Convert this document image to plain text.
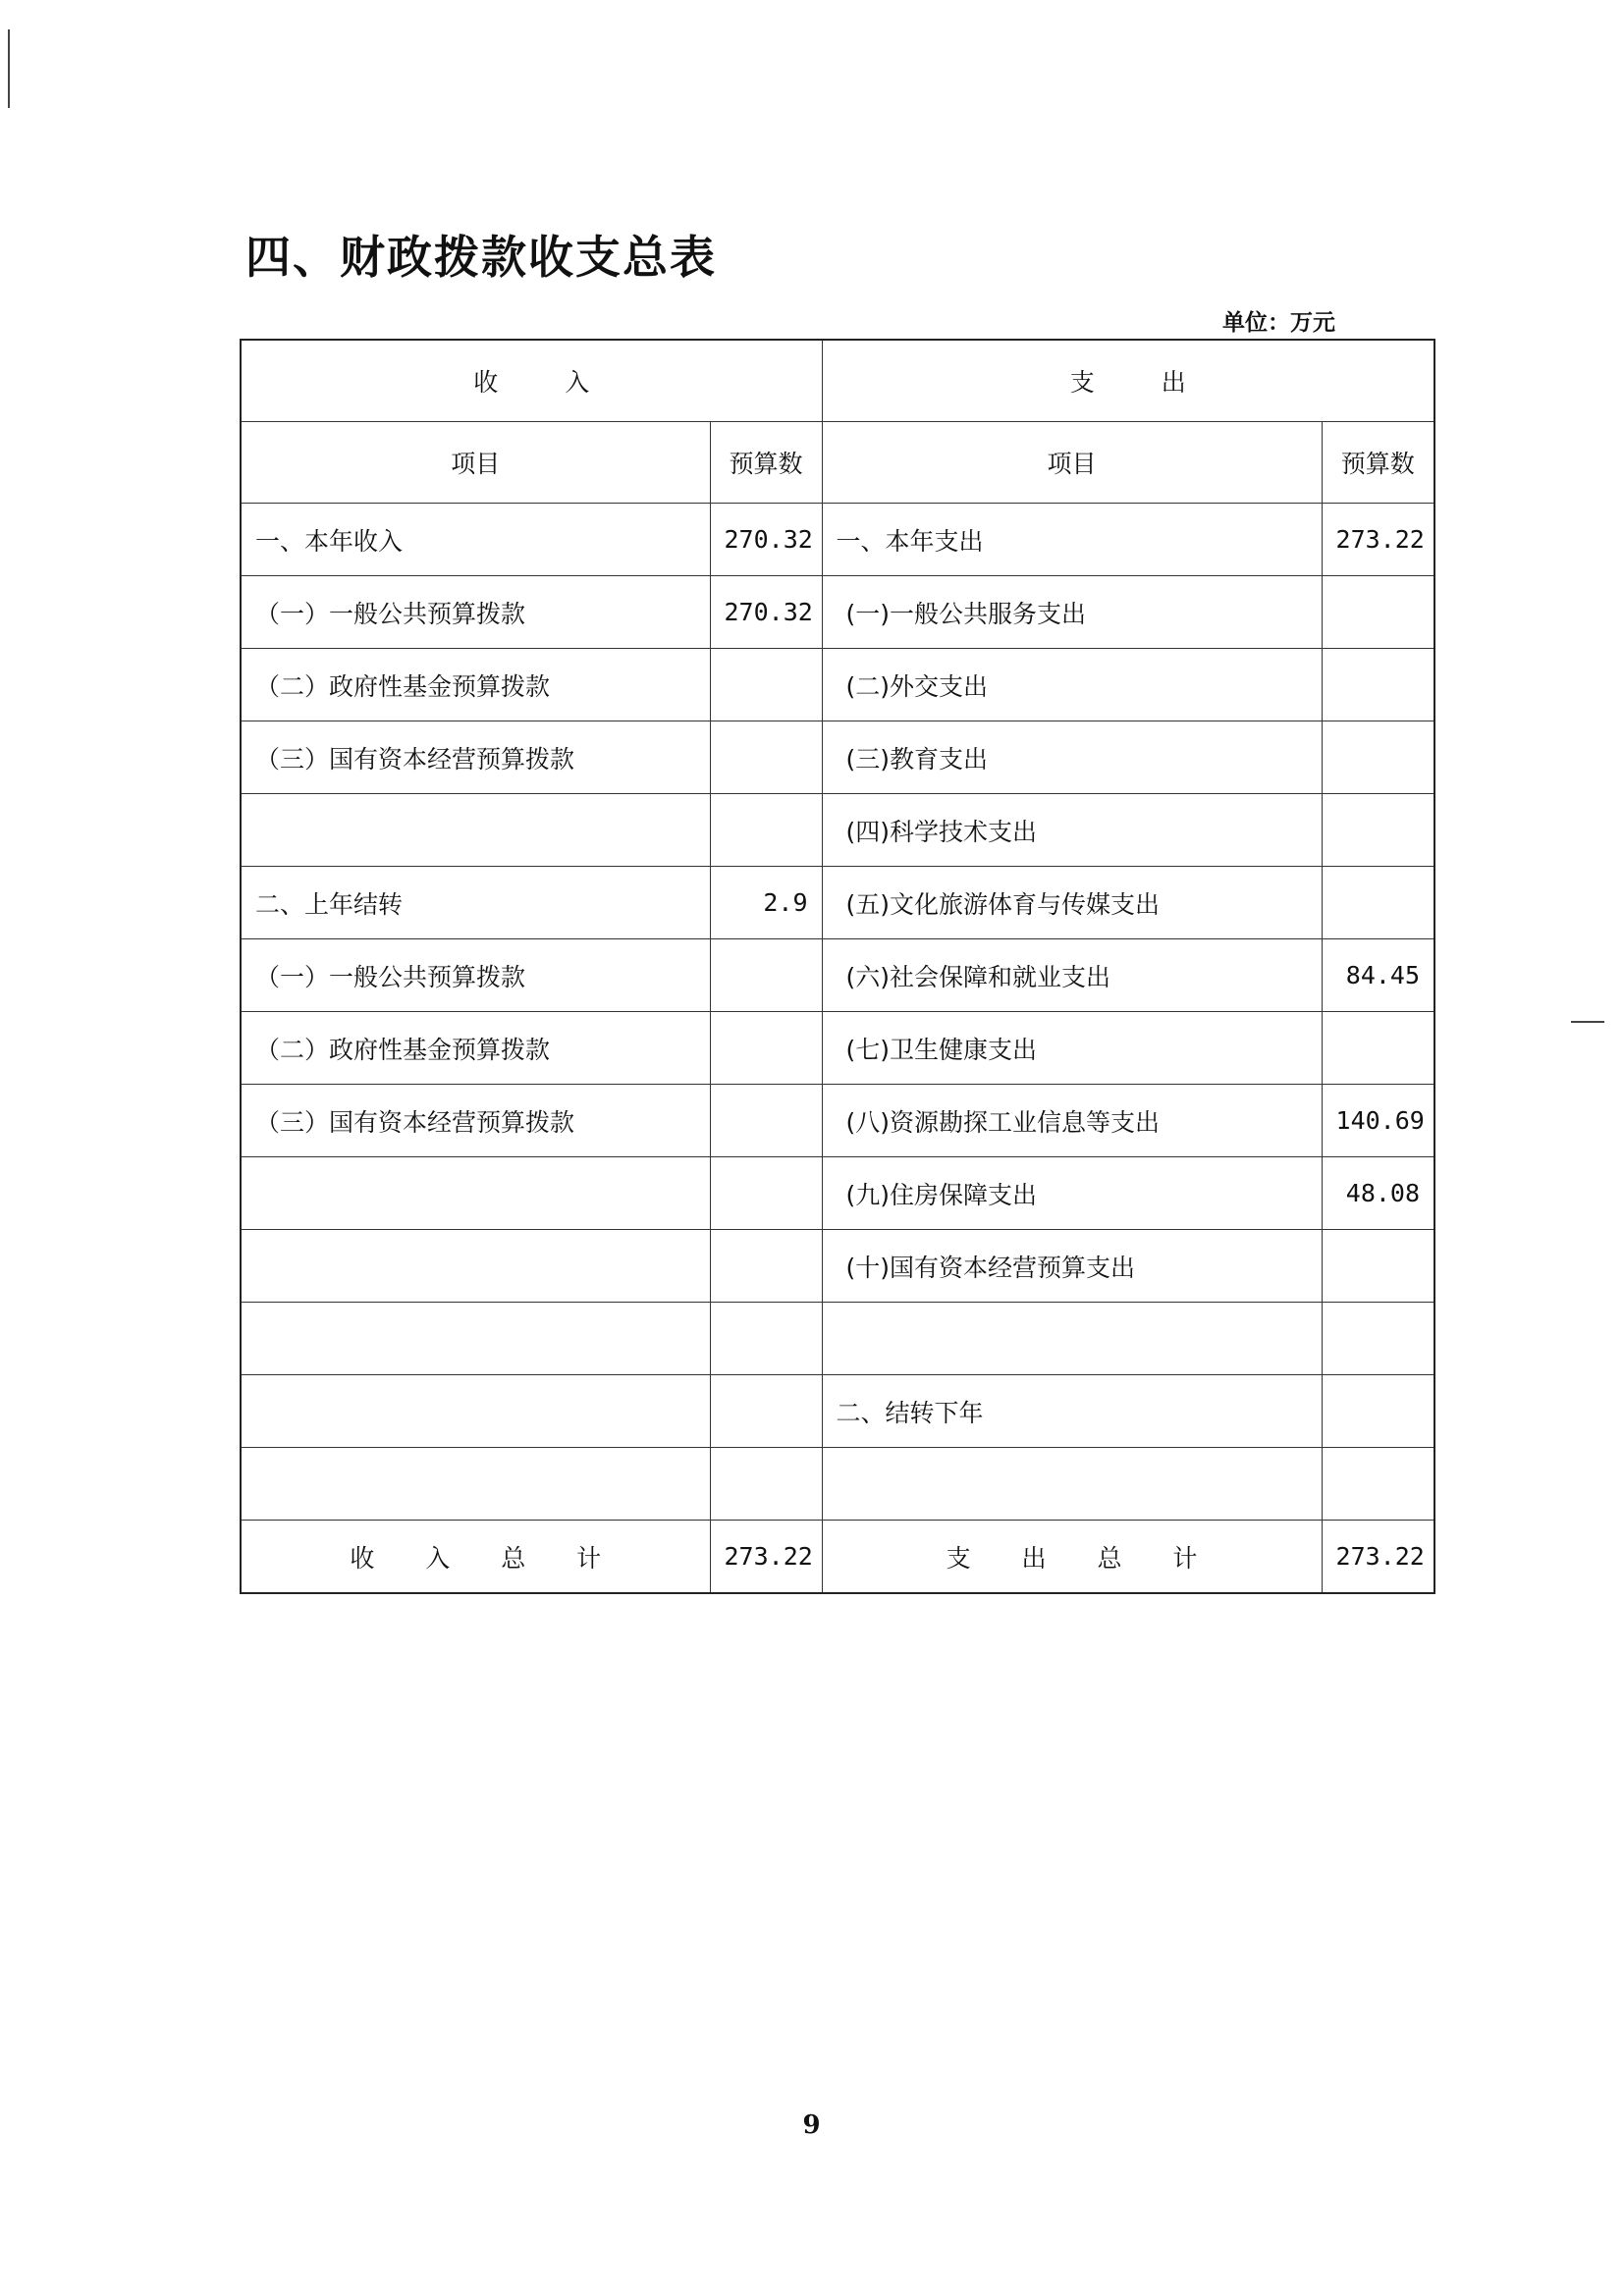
四、财政拨款收支总表
单位：万元
收入		支出	
项目	预算数	项目	预算数
一、本年收入	270.32	一、本年支出	273.22
（一）一般公共预算拨款	270.32	(一)一般公共服务支出	
（二）政府性基金预算拨款		(二)外交支出	
（三）国有资本经营预算拨款		(三)教育支出	
		(四)科学技术支出	
二、上年结转	2.9	(五)文化旅游体育与传媒支出	
（一）一般公共预算拨款		(六)社会保障和就业支出	84.45
（二）政府性基金预算拨款		(七)卫生健康支出	
（三）国有资本经营预算拨款		(八)资源勘探工业信息等支出	140.69
		(九)住房保障支出	48.08
		(十)国有资本经营预算支出	

		二、结转下年	

收 入 总 计	273.22	支 出 总 计	273.22
9
